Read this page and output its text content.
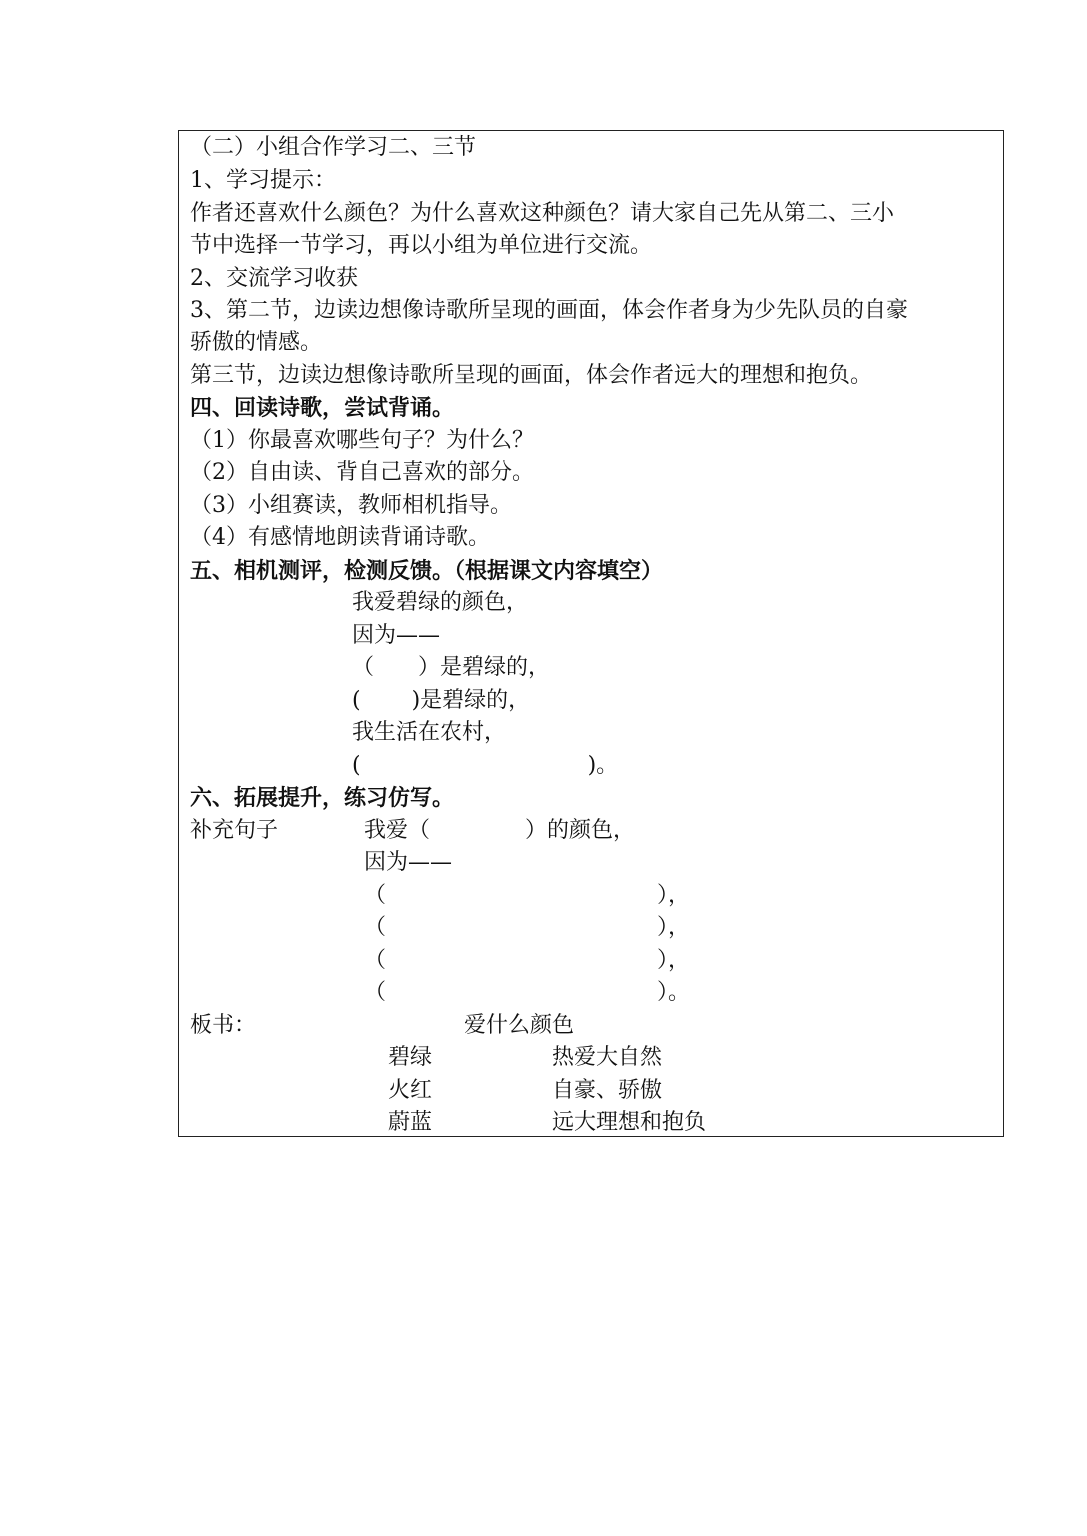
（二）小组合作学习二、三节
1、学习提示：
作者还喜欢什么颜色？为什么喜欢这种颜色？请大家自己先从第二、三小
节中选择一节学习，再以小组为单位进行交流。
2、交流学习收获
3、第二节，边读边想像诗歌所呈现的画面，体会作者身为少先队员的自豪
骄傲的情感。
第三节，边读边想像诗歌所呈现的画面，体会作者远大的理想和抱负。
四、回读诗歌，尝试背诵。
（1）你最喜欢哪些句子？为什么？
（2）自由读、背自己喜欢的部分。
（3）小组赛读，教师相机指导。
（4）有感情地朗读背诵诗歌。
五、相机测评，检测反馈。（根据课文内容填空）
我爱碧绿的颜色，
因为——
（　　）是碧绿的，
(　　 )是碧绿的，
我生活在农村，
(　　　　　　　　　　 )。
六、拓展提升，练习仿写。
补充句子	我爱（　　　　 ）的颜色，
因为——
（　　　　　　　　　　　　 ），
（　　　　　　　　　　　　 ），
（　　　　　　　　　　　　 ），
（　　　　　　　　　　　　 ）。
板书：	爱什么颜色
碧绿	热爱大自然
火红	自豪、骄傲
蔚蓝	远大理想和抱负
